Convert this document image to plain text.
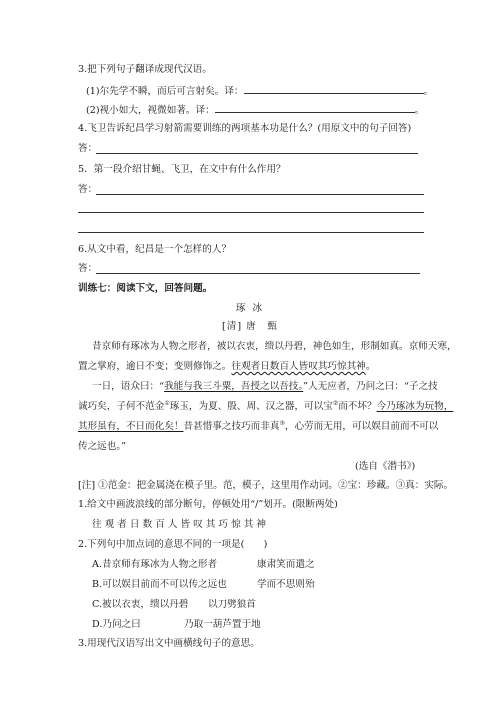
3.把下列句子翻译成现代汉语。
(1)尔先学不瞬，而后可言射矣。译：	。
(2)视小如大，视微如著。译：	。
4.飞卫告诉纪昌学习射箭需要训练的两项基本功是什么？(用原文中的句子回答)
答：
5．第一段介绍甘蝇、飞卫，在文中有什么作用？
答：
6.从文中看，纪昌是一个怎样的人？
答：
训练七：阅读下文，回答问题。
琢 冰
[清] 唐　甄
昔京师有琢冰为人物之形者，被以衣衷，缋以丹碧，神色如生，形制如真。京师天寒，
置之掌府，逾日不变；变则修饰之。往观者日数百人皆叹其巧惊其神。
一日，语众曰：“我能与我三斗粟，吾授之以吾技。”人无应者，乃问之曰：“子之技
诚巧矣，子何不范金①琢玉，为夏、殷、周、汉之器，可以宝②而不坏？今乃琢冰为玩物，
其形虽有，不日而化矣！昔甚惜事之技巧而非真③，心劳而无用，可以娱目前而不可以
传之远也。”
(选自《潜书》)
[注] ①范金：把金属浇在模子里。范，模子，这里用作动词。②宝：珍藏。③真：实际。
1.给文中画波浪线的部分断句，停顿处用“/”划开。(限断两处)
往 观 者 日 数 百 人 皆 叹 其 巧 惊 其 神
2.下列句中加点词的意思不同的一项是(　　)
A.昔京师有琢冰为人物之形者	康肃笑而遣之
B.可以娱目前而不可以传之远也	学而不思则殆
C.被以衣衷，缋以丹碧 以刀劈狼首
D.乃问之曰	乃取一葫芦置于地
3.用现代汉语写出文中画横线句子的意思。
